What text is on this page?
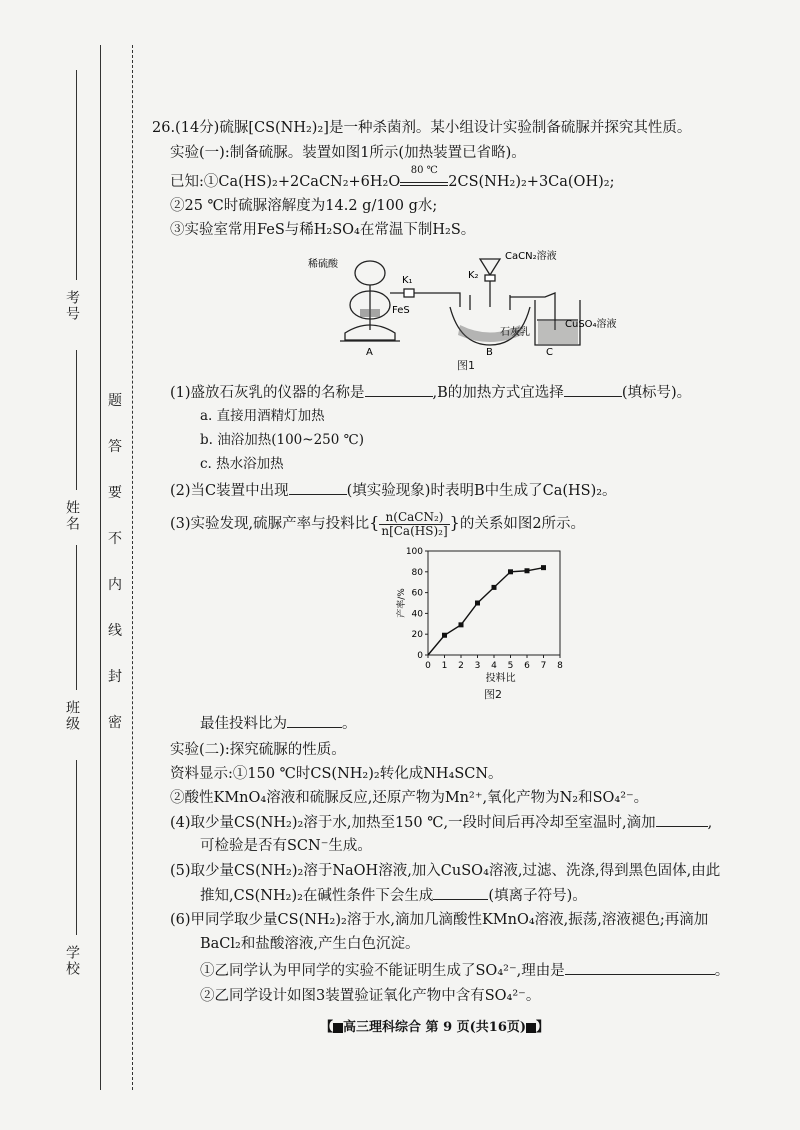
考号
姓名
班级
学校
题
答
要
不
内
线
封
密
26.(14分)硫脲[CS(NH₂)₂]是一种杀菌剂。某小组设计实验制备硫脲并探究其性质。
实验(一):制备硫脲。装置如图1所示(加热装置已省略)。
已知:①Ca(HS)₂+2CaCN₂+6H₂O
80 ℃
2CS(NH₂)₂+3Ca(OH)₂;
②25 ℃时硫脲溶解度为14.2 g/100 g水;
③实验室常用FeS与稀H₂SO₄在常温下制H₂S。
稀硫酸
K₁	K₂
CaCN₂溶液
FeS
石灰乳
CuSO₄溶液
A	B	C
图1
(1)盛放石灰乳的仪器的名称是	,B的加热方式宜选择	(填标号)。
a. 直接用酒精灯加热
b. 油浴加热(100~250 ℃)
c. 热水浴加热
(2)当C装置中出现	(填实验现象)时表明B中生成了Ca(HS)₂。
(3)实验发现,硫脲产率与投料比{ $\frac{\text{n(CaCN₂)}}{\text{n[Ca(HS)₂]}}$ }的关系如图2所示。
0
20
40
60
80
100
0 1 2 3 4 5 6 7 8
投料比
产率/%
图2
最佳投料比为	。
实验(二):探究硫脲的性质。
资料显示:①150 ℃时CS(NH₂)₂转化成NH₄SCN。
②酸性KMnO₄溶液和硫脲反应,还原产物为Mn²⁺,氧化产物为N₂和SO₄²⁻。
(4)取少量CS(NH₂)₂溶于水,加热至150 ℃,一段时间后再冷却至室温时,滴加	,
可检验是否有SCN⁻生成。
(5)取少量CS(NH₂)₂溶于NaOH溶液,加入CuSO₄溶液,过滤、洗涤,得到黑色固体,由此
推知,CS(NH₂)₂在碱性条件下会生成	(填离子符号)。
(6)甲同学取少量CS(NH₂)₂溶于水,滴加几滴酸性KMnO₄溶液,振荡,溶液褪色;再滴加
BaCl₂和盐酸溶液,产生白色沉淀。
①乙同学认为甲同学的实验不能证明生成了SO₄²⁻,理由是	。
②乙同学设计如图3装置验证氧化产物中含有SO₄²⁻。
【 高三理科综合 第 9 页(共16页) 】
